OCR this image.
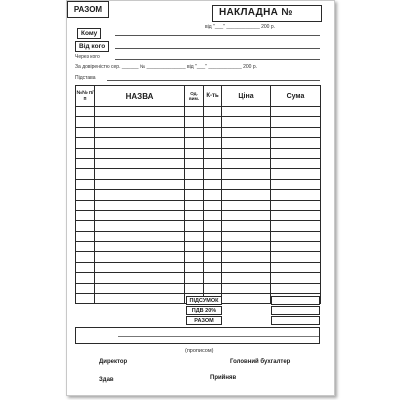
НАКЛАДНА №
від "___" ____________ 200 р.
Кому
Від кого
Через кого
За довіреністю сер. ______ № ______________ від "___" ____________ 200 р.
Підстава
№№ п/п	НАЗВА	Од. вим.	К-ть	Ціна	Сума

ПІДСУМОК
ПДВ 20%
РАЗОМ
РАЗОМ
(прописом)
Директор	Головний бухгалтер
Здав	Прийняв
